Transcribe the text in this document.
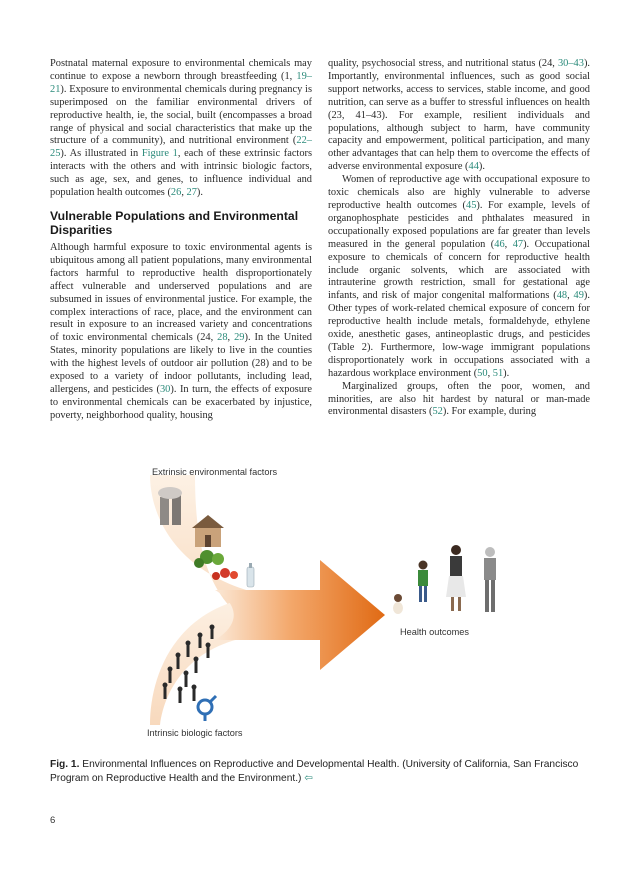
Postnatal maternal exposure to environmental chemicals may continue to expose a newborn through breastfeeding (1, 19–21). Exposure to environmental chemicals during pregnancy is superimposed on the familiar environmental drivers of reproductive health, ie, the social, built (encompasses a broad range of physical and social characteristics that make up the structure of a community), and nutritional environment (22–25). As illustrated in Figure 1, each of these extrinsic factors interacts with the others and with intrinsic biologic factors, such as age, sex, and genes, to influence individual and population health outcomes (26, 27).

Vulnerable Populations and Environmental Disparities

Although harmful exposure to toxic environmental agents is ubiquitous among all patient populations, many environmental factors harmful to reproductive health disproportionately affect vulnerable and underserved populations and are subsumed in issues of environmental justice. For example, the complex interactions of race, place, and the environment can result in exposure to an increased variety and concentrations of toxic environmental chemicals (24, 28, 29). In the United States, minority populations are likely to live in the counties with the highest levels of outdoor air pollution (28) and to be exposed to a variety of indoor pollutants, including lead, allergens, and pesticides (30). In turn, the effects of exposure to environmental chemicals can be exacerbated by injustice, poverty, neighborhood quality, housing

quality, psychosocial stress, and nutritional status (24, 30–43). Importantly, environmental influences, such as good social support networks, access to services, stable income, and good nutrition, can serve as a buffer to stressful influences on health (23, 41–43). For example, resilient individuals and populations, although subject to harm, have community capacity and empowerment, political participation, and many other advantages that can help them to overcome the effects of adverse environmental exposure (44).

Women of reproductive age with occupational exposure to toxic chemicals also are highly vulnerable to adverse reproductive health outcomes (45). For example, levels of organophosphate pesticides and phthalates measured in occupationally exposed populations are far greater than levels measured in the general population (46, 47). Occupational exposure to chemicals of concern for reproductive health include organic solvents, which are associated with intrauterine growth restriction, small for gestational age infants, and risk of major congenital malformations (48, 49). Other types of work-related chemical exposure of concern for reproductive health include metals, formaldehyde, ethylene oxide, anesthetic gases, antineoplastic drugs, and pesticides (Table 2). Furthermore, low-wage immigrant populations disproportionately work in occupations associated with a hazardous workplace environment (50, 51).

Marginalized groups, often the poor, women, and minorities, are also hit hardest by natural or man-made environmental disasters (52). For example, during

Extrinsic environmental factors
Health outcomes
Intrinsic biologic factors
Fig. 1. Environmental Influences on Reproductive and Developmental Health. (University of California, San Francisco Program on Reproductive Health and the Environment.) ⇦
6
